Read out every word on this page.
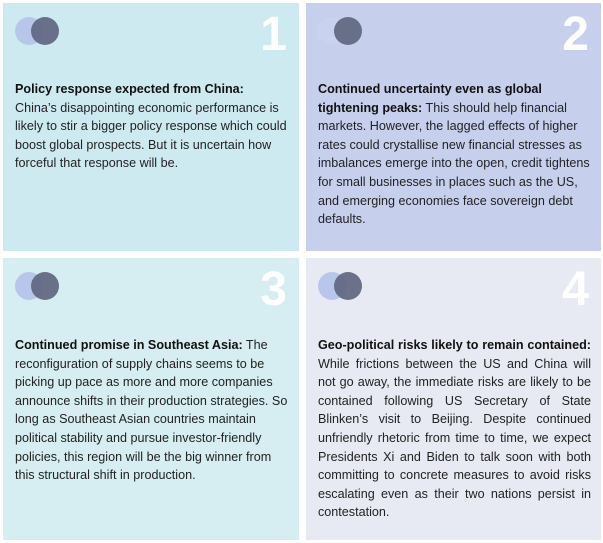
1
Policy response expected from China:
China’s disappointing economic performance is likely to stir a bigger policy response which could boost global prospects. But it is uncertain how forceful that response will be.
2
Continued uncertainty even as global tightening peaks: This should help financial markets. However, the lagged effects of higher rates could crystallise new financial stresses as imbalances emerge into the open, credit tightens for small businesses in places such as the US, and emerging economies face sovereign debt defaults.
3
Continued promise in Southeast Asia: The reconfiguration of supply chains seems to be picking up pace as more and more companies announce shifts in their production strategies. So long as Southeast Asian countries maintain political stability and pursue investor-friendly policies, this region will be the big winner from this structural shift in production.
4
Geo-political risks likely to remain contained: While frictions between the US and China will not go away, the immediate risks are likely to be contained following US Secretary of State Blinken’s visit to Beijing. Despite continued unfriendly rhetoric from time to time, we expect Presidents Xi and Biden to talk soon with both committing to concrete measures to avoid risks escalating even as their two nations persist in contestation.
